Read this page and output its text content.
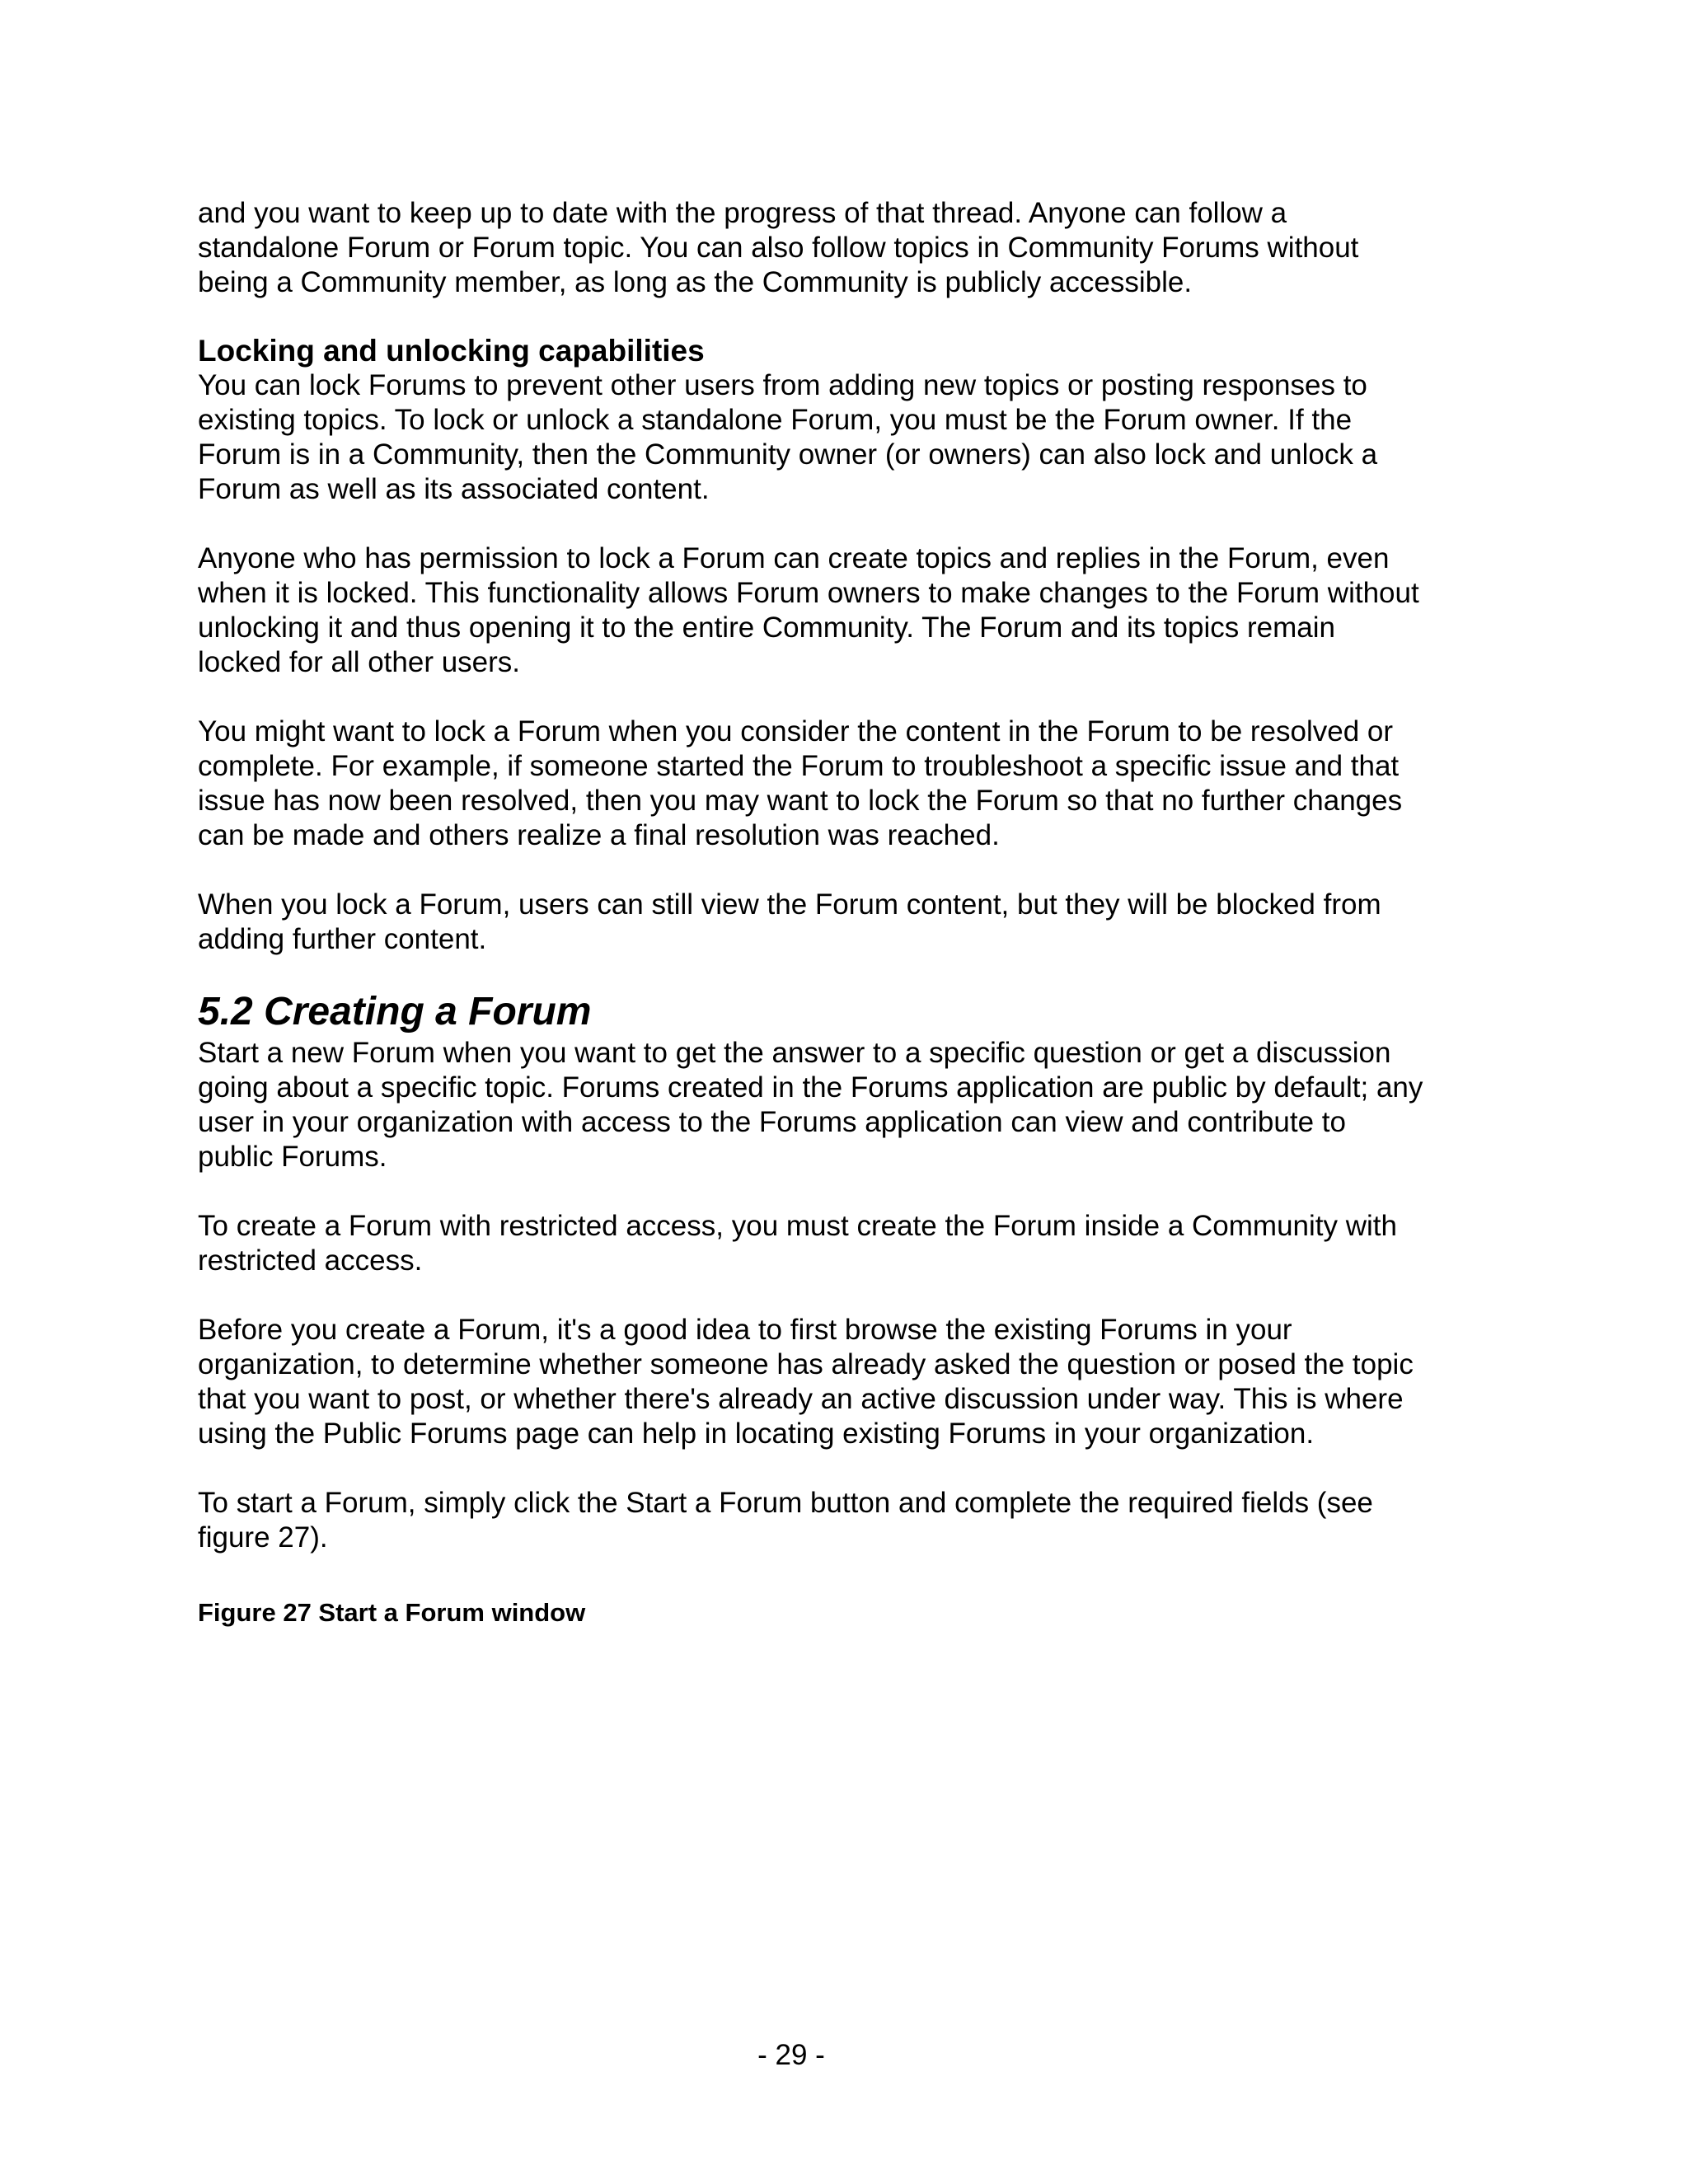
and you want to keep up to date with the progress of that thread. Anyone can follow a
standalone Forum or Forum topic. You can also follow topics in Community Forums without
being a Community member, as long as the Community is publicly accessible.

Locking and unlocking capabilities

You can lock Forums to prevent other users from adding new topics or posting responses to
existing topics. To lock or unlock a standalone Forum, you must be the Forum owner. If the
Forum is in a Community, then the Community owner (or owners) can also lock and unlock a
Forum as well as its associated content.

Anyone who has permission to lock a Forum can create topics and replies in the Forum, even
when it is locked. This functionality allows Forum owners to make changes to the Forum without
unlocking it and thus opening it to the entire Community. The Forum and its topics remain
locked for all other users.

You might want to lock a Forum when you consider the content in the Forum to be resolved or
complete. For example, if someone started the Forum to troubleshoot a specific issue and that
issue has now been resolved, then you may want to lock the Forum so that no further changes
can be made and others realize a final resolution was reached.

When you lock a Forum, users can still view the Forum content, but they will be blocked from
adding further content.

5.2 Creating a Forum

Start a new Forum when you want to get the answer to a specific question or get a discussion
going about a specific topic. Forums created in the Forums application are public by default; any
user in your organization with access to the Forums application can view and contribute to
public Forums.

To create a Forum with restricted access, you must create the Forum inside a Community with
restricted access.

Before you create a Forum, it's a good idea to first browse the existing Forums in your
organization, to determine whether someone has already asked the question or posed the topic
that you want to post, or whether there's already an active discussion under way. This is where
using the Public Forums page can help in locating existing Forums in your organization.

To start a Forum, simply click the Start a Forum button and complete the required fields (see
figure 27).

Figure 27 Start a Forum window

- 29 -
